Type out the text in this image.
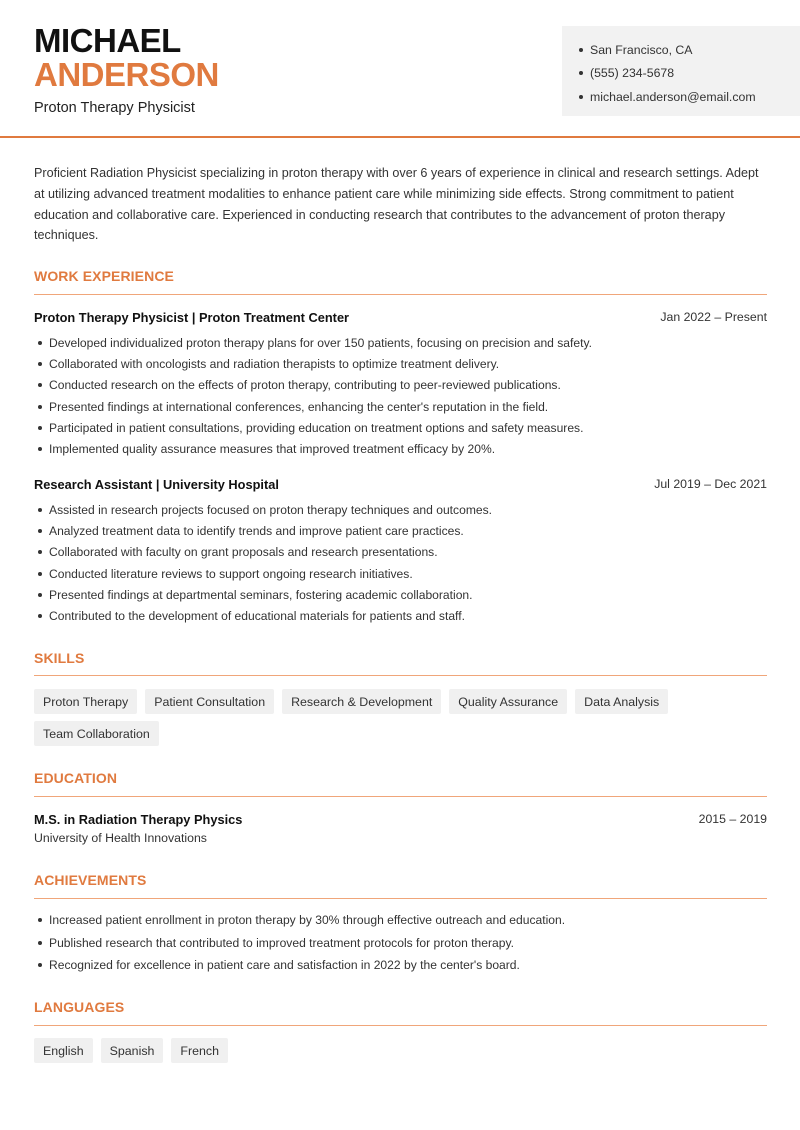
MICHAEL
ANDERSON
Proton Therapy Physicist
San Francisco, CA
(555) 234-5678
michael.anderson@email.com
Proficient Radiation Physicist specializing in proton therapy with over 6 years of experience in clinical and research settings. Adept at utilizing advanced treatment modalities to enhance patient care while minimizing side effects. Strong commitment to patient education and collaborative care. Experienced in conducting research that contributes to the advancement of proton therapy techniques.
WORK EXPERIENCE
Proton Therapy Physicist | Proton Treatment Center	Jan 2022 – Present
Developed individualized proton therapy plans for over 150 patients, focusing on precision and safety.
Collaborated with oncologists and radiation therapists to optimize treatment delivery.
Conducted research on the effects of proton therapy, contributing to peer-reviewed publications.
Presented findings at international conferences, enhancing the center's reputation in the field.
Participated in patient consultations, providing education on treatment options and safety measures.
Implemented quality assurance measures that improved treatment efficacy by 20%.
Research Assistant | University Hospital	Jul 2019 – Dec 2021
Assisted in research projects focused on proton therapy techniques and outcomes.
Analyzed treatment data to identify trends and improve patient care practices.
Collaborated with faculty on grant proposals and research presentations.
Conducted literature reviews to support ongoing research initiatives.
Presented findings at departmental seminars, fostering academic collaboration.
Contributed to the development of educational materials for patients and staff.
SKILLS
Proton Therapy	Patient Consultation	Research & Development	Quality Assurance	Data Analysis
Team Collaboration
EDUCATION
M.S. in Radiation Therapy Physics	2015 – 2019
University of Health Innovations
ACHIEVEMENTS
Increased patient enrollment in proton therapy by 30% through effective outreach and education.
Published research that contributed to improved treatment protocols for proton therapy.
Recognized for excellence in patient care and satisfaction in 2022 by the center's board.
LANGUAGES
English	Spanish	French
